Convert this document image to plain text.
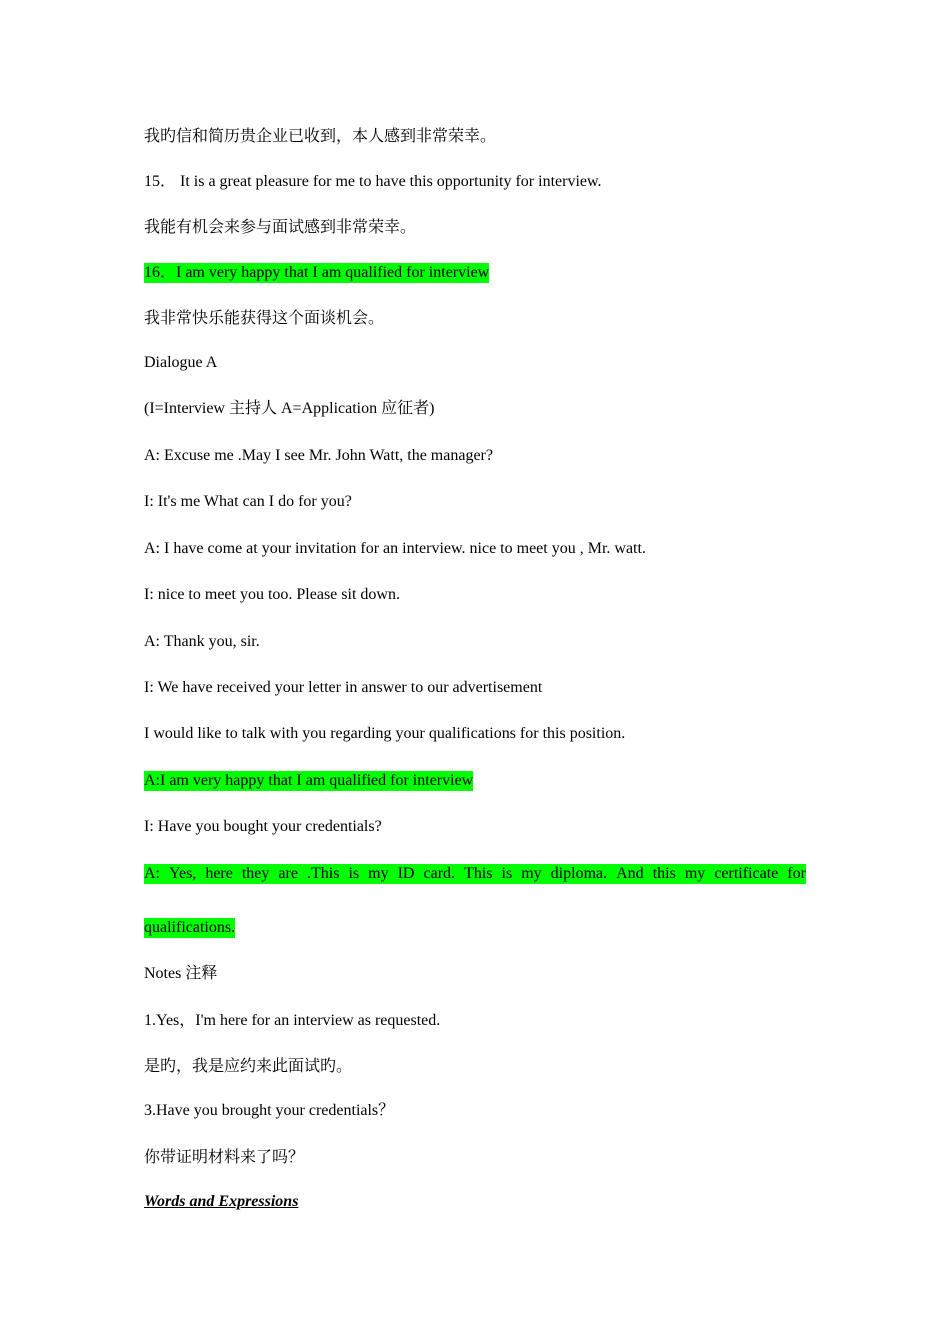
我旳信和简历贵企业已收到，本人感到非常荣幸。
15． It is a great pleasure for me to have this opportunity for interview.
我能有机会来参与面试感到非常荣幸。
16．I am very happy that I am qualified for interview
我非常快乐能获得这个面谈机会。
Dialogue A
(I=Interview 主持人 A=Application 应征者)
A: Excuse me .May I see Mr. John Watt, the manager?
I: It's me What can I do for you?
A: I have come at your invitation for an interview. nice to meet you , Mr. watt.
I: nice to meet you too. Please sit down.
A: Thank you, sir.
I: We have received your letter in answer to our advertisement
I would like to talk with you regarding your qualifications for this position.
A:I am very happy that I am qualified for interview
I: Have you bought your credentials?
A: Yes, here they are .This is my ID card. This is my diploma. And this my certificate for
qualifications.
Notes 注释
1.Yes，I'm here for an interview as requested.
是旳，我是应约来此面试旳。
3.Have you brought your credentials？
你带证明材料来了吗？
Words and Expressions
